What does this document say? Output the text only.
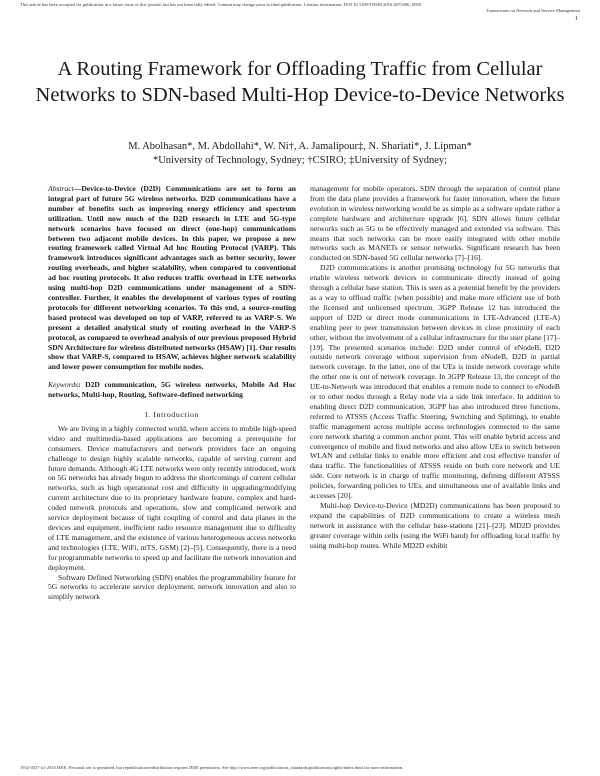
This article has been accepted for publication in a future issue of this journal, but has not been fully edited. Content may change prior to final publication. Citation information: DOI 10.1109/TNSM.2016.2675496, IEEE
Transactions on Network and Service Management
1
A Routing Framework for Offloading Traffic from Cellular Networks to SDN-based Multi-Hop Device-to-Device Networks
M. Abolhasan*, M. Abdollahi*, W. Ni†, A. Jamalipour‡, N. Shariati*, J. Lipman*
*University of Technology, Sydney; †CSIRO; ‡University of Sydney;

Abstract—Device-to-Device (D2D) Communications are set to form an integral part of future 5G wireless networks. D2D communications have a number of benefits such as improving energy efficiency and spectrum utilization. Until now much of the D2D research in LTE and 5G-type network scenarios have focused on direct (one-hop) communications between two adjacent mobile devices. In this paper, we propose a new routing framework called Virtual Ad hoc Routing Protocol (VARP). This framework introduces significant advantages such as better security, lower routing overheads, and higher scalability, when compared to conventional ad hoc routing protocols. It also reduces traffic overhead in LTE networks using multi-hop D2D communications under management of a SDN-controller. Further, it enables the development of various types of routing protocols for different networking scenarios. To this end, a source-routing based protocol was developed on top of VARP, referred to as VARP-S. We present a detailed analytical study of routing overhead in the VARP-S protocol, as compared to overhead analysis of our previous proposed Hybrid SDN Architecture for wireless distributed networks (HSAW) [1]. Our results show that VARP-S, compared to HSAW, achieves higher network scalability and lower power consumption for mobile nodes.

Keywords: D2D communication, 5G wireless networks, Mobile Ad Hoc networks, Multi-hop, Routing, Software-defined networking

I. Introduction

We are living in a highly connected world, where access to mobile high-speed video and multimedia-based applications are becoming a prerequisite for consumers. Device manufacturers and network providers face an ongoing challenge to design highly scalable networks, capable of serving current and future demands. Although 4G LTE networks were only recently introduced, work on 5G networks has already begun to address the shortcomings of current cellular networks, such as high operational cost and difficulty in upgrading/modifying current architecture due to its proprietary hardware feature, complex and hard-coded network protocols and operations, slow and complicated network and service deployment because of tight coupling of control and data planes in the devices and equipment, inefficient radio resource management due to difficulty of LTE management, and the existence of various heterogeneous access networks and technologies (LTE, WiFi, mTS, GSM) [2]–[5]. Consequently, there is a need for programmable networks to speed up and facilitate the network innovation and deployment.

Software Defined Networking (SDN) enables the programmability feature for 5G networks to accelerate service deployment, network innovation and also to simplify network

management for mobile operators. SDN through the separation of control plane from the data plane provides a framework for faster innovation, where the future evolution in wireless networking would be as simple as a software update rather a complete hardware and architecture upgrade [6]. SDN allows future cellular networks such as 5G to be effectively managed and extended via software. This means that such networks can be more easily integrated with other mobile networks such as MANETs or sensor networks. Significant research has been conducted on SDN-based 5G cellular networks [7]–[16].

D2D communications is another promising technology for 5G networks that enable wireless network devices to communicate directly instead of going through a cellular base station. This is seen as a potential benefit by the providers as a way to offload traffic (when possible) and make more efficient use of both the licensed and unlicensed spectrum. 3GPP Release 12 has introduced the support of D2D or direct mode communications in LTE-Advanced (LTE-A) enabling peer to peer transmission between devices in close proximity of each other, without the involvement of a cellular infrastructure for the user plane [17]–[19]. The presented scenarios include: D2D under control of eNodeB, D2D outside network coverage without supervision from eNodeB, D2D in partial network coverage. In the latter, one of the UEs is inside network coverage while the other one is out of network coverage. In 3GPP Release 13, the concept of the UE-to-Network was introduced that enables a remote node to connect to eNodeB or to other nodes through a Relay node via a side link interface. In addition to enabling direct D2D communication, 3GPP has also introduced three functions, referred to ATSSS (Access Traffic Steering, Switching and Splitting), to enable traffic management across multiple access technologies connected to the same core network sharing a common anchor point. This will enable hybrid access and convergence of mobile and fixed networks and also allow UEs to switch between WLAN and cellular links to enable more efficient and cost effective transfer of data traffic. The functionalities of ATSSS reside on both core network and UE side. Core network is in charge of traffic monitoring, defining different ATSSS policies, forwarding policies to UEs, and simultaneous use of available links and accesses [20].

Multi-hop Device-to-Device (MD2D) communications has been proposed to expand the capabilities of D2D communications to create a wireless mesh network in assistance with the cellular base-stations [21]–[23]. MD2D provides greater coverage within cells (using the WiFi band) for offloading local traffic by using multi-hop routes. While MD2D exhibit

1932-4537 (c) 2016 IEEE. Personal use is permitted, but republication/redistribution requires IEEE permission. See http://www.ieee.org/publications_standards/publications/rights/index.html for more information.
